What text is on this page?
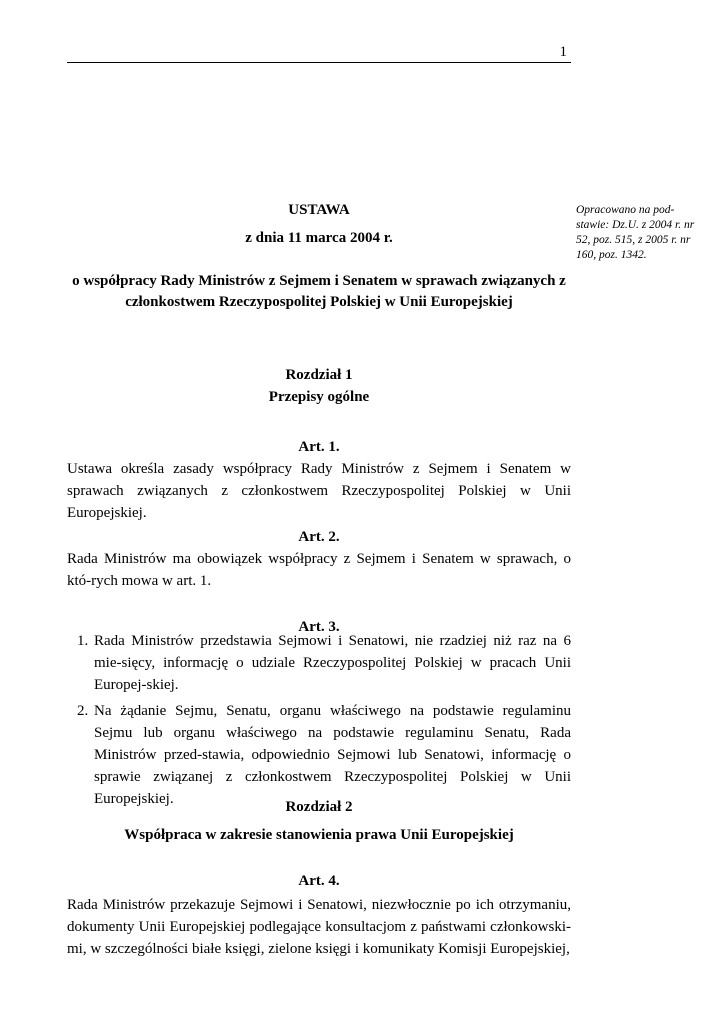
1
Opracowano na pod-stawie: Dz.U. z 2004 r. nr 52, poz. 515, z 2005 r. nr 160, poz. 1342.
USTAWA
z dnia 11 marca 2004 r.
o współpracy Rady Ministrów z Sejmem i Senatem w sprawach związanych z członkostwem Rzeczypospolitej Polskiej w Unii Europejskiej
Rozdział 1
Przepisy ogólne
Art. 1.
Ustawa określa zasady współpracy Rady Ministrów z Sejmem i Senatem w sprawach związanych z członkostwem Rzeczypospolitej Polskiej w Unii Europejskiej.
Art. 2.
Rada Ministrów ma obowiązek współpracy z Sejmem i Senatem w sprawach, o któ-rych mowa w art. 1.
Art. 3.
1. Rada Ministrów przedstawia Sejmowi i Senatowi, nie rzadziej niż raz na 6 mie-sięcy, informację o udziale Rzeczypospolitej Polskiej w pracach Unii Europej-skiej.
2. Na żądanie Sejmu, Senatu, organu właściwego na podstawie regulaminu Sejmu lub organu właściwego na podstawie regulaminu Senatu, Rada Ministrów przed-stawia, odpowiednio Sejmowi lub Senatowi, informację o sprawie związanej z członkostwem Rzeczypospolitej Polskiej w Unii Europejskiej.	Rozdział 2
Współpraca w zakresie stanowienia prawa Unii Europejskiej
Art. 4.
Rada Ministrów przekazuje Sejmowi i Senatowi, niezwłocznie po ich otrzymaniu, dokumenty Unii Europejskiej podlegające konsultacjom z państwami członkowski-mi, w szczególności białe księgi, zielone księgi i komunikaty Komisji Europejskiej,
